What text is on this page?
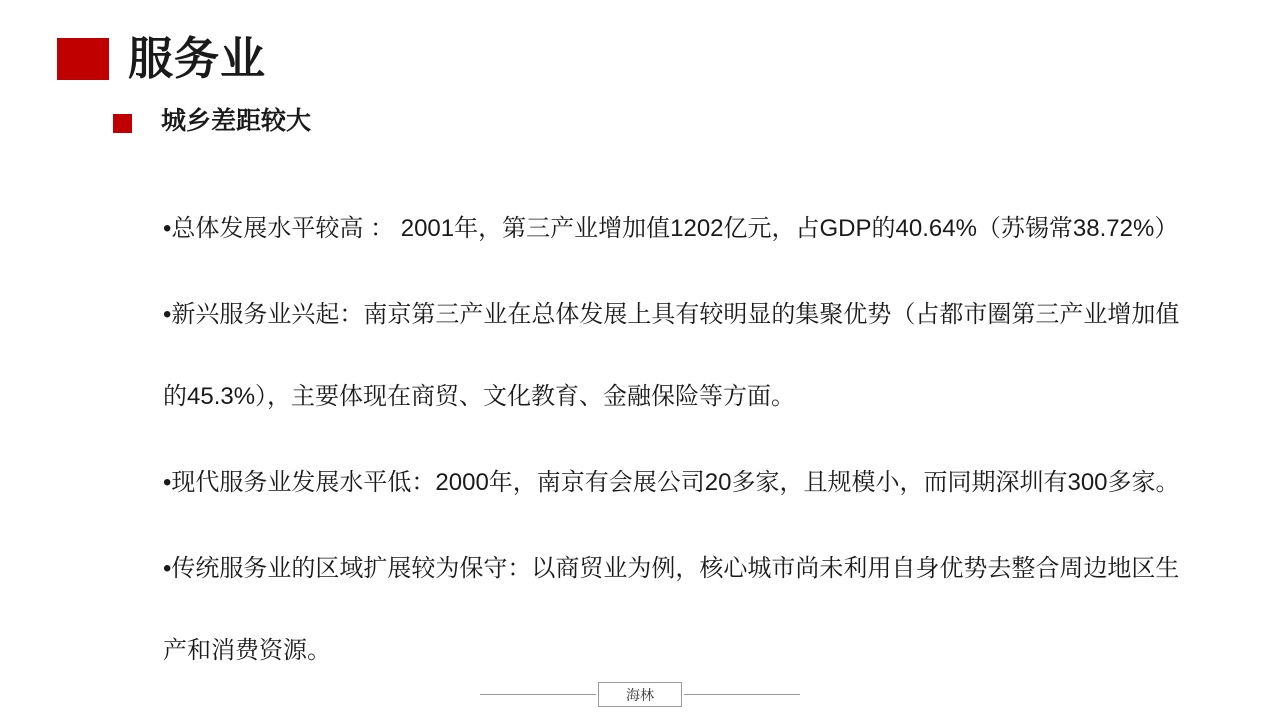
服务业
城乡差距较大
•总体发展水平较高 ： 2001年，第三产业增加值1202亿元，占GDP的40.64%（苏锡常38.72%）
•新兴服务业兴起：南京第三产业在总体发展上具有较明显的集聚优势（占都市圈第三产业增加值的45.3%），主要体现在商贸、文化教育、金融保险等方面。
•现代服务业发展水平低：2000年，南京有会展公司20多家，且规模小，而同期深圳有300多家。
•传统服务业的区域扩展较为保守：以商贸业为例，核心城市尚未利用自身优势去整合周边地区生产和消费资源。
海林
